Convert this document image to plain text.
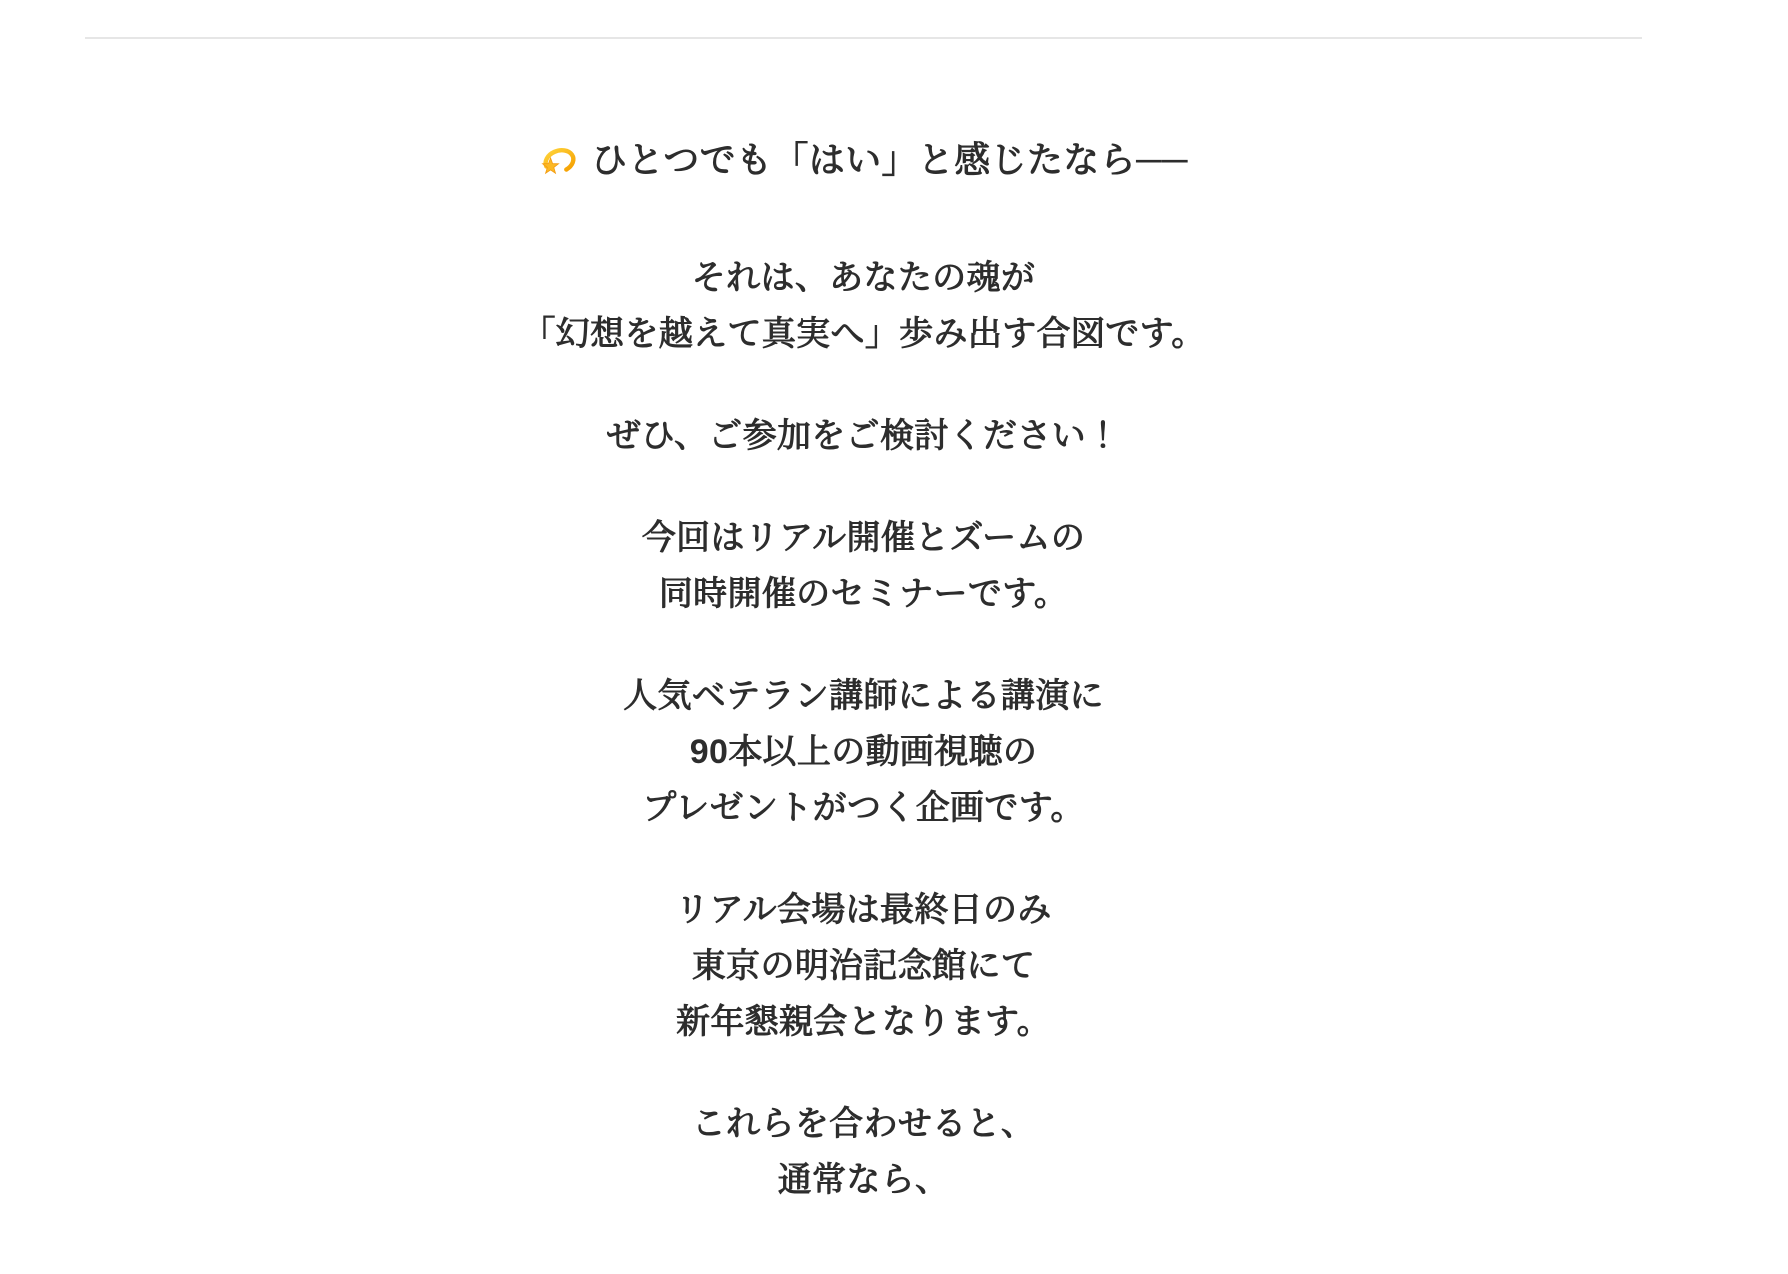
ひとつでも「はい」と感じたなら──

それは、あなたの魂が
「幻想を越えて真実へ」歩み出す合図です。

ぜひ、ご参加をご検討ください！

今回はリアル開催とズームの
同時開催のセミナーです。

人気ベテラン講師による講演に
90本以上の動画視聴の
プレゼントがつく企画です。

リアル会場は最終日のみ
東京の明治記念館にて
新年懇親会となります。

これらを合わせると、
通常なら、
